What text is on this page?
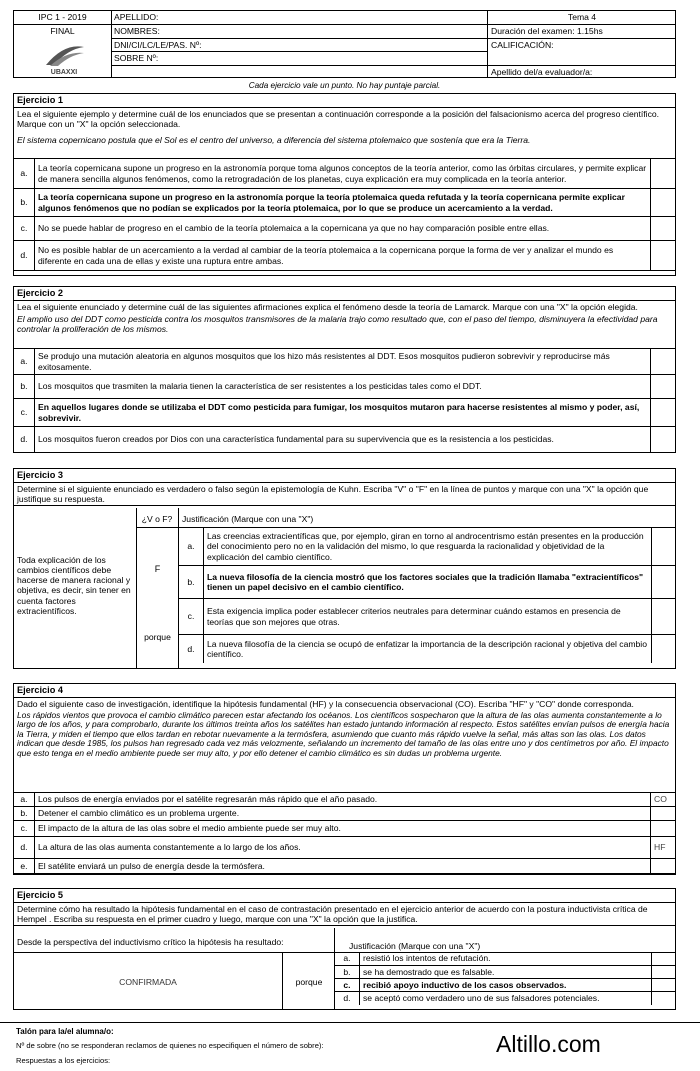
IPC 1 - 2019
FINAL
UBAXXI
APELLIDO:
NOMBRES:
DNI/CI/LC/LE/PAS. Nº:
SOBRE Nº:
Tema 4
Duración del examen: 1.15hs
CALIFICACIÓN:
Apellido del/a evaluador/a:
Cada ejercicio vale un punto. No hay puntaje parcial.
Ejercicio 1
Lea el siguiente ejemplo y determine cuál de los enunciados que se presentan a continuación corresponde a la posición del falsacionismo acerca del progreso científico. Marque con un "X" la opción seleccionada.
El sistema copernicano postula que el Sol es el centro del universo, a diferencia del sistema ptolemaico que sostenía que era la Tierra.
a.	La teoría copernicana supone un progreso en la astronomía porque toma algunos conceptos de la teoría anterior, como las órbitas circulares, y permite explicar de manera sencilla algunos fenómenos, como la retrogradación de los planetas, cuya explicación era muy complicada en la teoría anterior.	
b.	La teoría copernicana supone un progreso en la astronomía porque la teoría ptolemaica queda refutada y la teoría copernicana permite explicar algunos fenómenos que no podían se explicados por la teoría ptolemaica, por lo que se produce un acercamiento a la verdad.	
c.	No se puede hablar de progreso en el cambio de la teoría ptolemaica a la copernicana ya que no hay comparación posible entre ellas.	
d.	No es posible hablar de un acercamiento a la verdad al cambiar de la teoría ptolemaica a la copernicana porque la forma de ver y analizar el mundo es diferente en cada una de ellas y existe una ruptura entre ambas.	
Ejercicio 2
Lea el siguiente enunciado y determine cuál de las siguientes afirmaciones explica el fenómeno desde la teoría de Lamarck. Marque con una "X" la opción elegida.
El amplio uso del DDT como pesticida contra los mosquitos transmisores de la malaria trajo como resultado que, con el paso del tiempo, disminuyera la efectividad para controlar la proliferación de los mismos.
a.	Se produjo una mutación aleatoria en algunos mosquitos que los hizo más resistentes al DDT. Esos mosquitos pudieron sobrevivir y reproducirse más exitosamente.	
b.	Los mosquitos que trasmiten la malaria tienen la característica de ser resistentes a los pesticidas tales como el DDT.	
c.	En aquellos lugares donde se utilizaba el DDT como pesticida para fumigar, los mosquitos mutaron para hacerse resistentes al mismo y poder, así, sobrevivir.	
d.	Los mosquitos fueron creados por Dios con una característica fundamental para su supervivencia que es la resistencia a los pesticidas.	
Ejercicio 3
Determine si el siguiente enunciado es verdadero o falso según la epistemología de Kuhn. Escriba "V" o "F" en la línea de puntos y marque con una "X" la opción que justifique su respuesta.
Toda explicación de los cambios científicos debe hacerse de manera racional y objetiva, es decir, sin tener en cuenta factores extracientíficos.
¿V o F?	Justificación (Marque con una "X")
F
porque
a.	Las creencias extracientíficas que, por ejemplo, giran en torno al androcentrismo están presentes en la producción del conocimiento pero no en la validación del mismo, lo que resguarda la racionalidad y objetividad de la explicación del cambio científico.	
b.	La nueva filosofía de la ciencia mostró que los factores sociales que la tradición llamaba "extracientíficos" tienen un papel decisivo en el cambio científico.	
c.	Esta exigencia implica poder establecer criterios neutrales para determinar cuándo estamos en presencia de teorías que son mejores que otras.	
d.	La nueva filosofía de la ciencia se ocupó de enfatizar la importancia de la descripción racional y objetiva del cambio científico.	
Ejercicio 4
Dado el siguiente caso de investigación, identifique la hipótesis fundamental (HF) y la consecuencia observacional (CO). Escriba "HF" y "CO" donde corresponda.
Los rápidos vientos que provoca el cambio climático parecen estar afectando los océanos. Los científicos sospecharon que la altura de las olas aumenta constantemente a lo largo de los años, y para comprobarlo, durante los últimos treinta años los satélites han estado juntando información al respecto. Estos satélites envían pulsos de energía hacia la Tierra, y miden el tiempo que ellos tardan en rebotar nuevamente a la termósfera, asumiendo que cuanto más rápido vuelve la señal, más altas son las olas. Los datos indican que desde 1985, los pulsos han regresado cada vez más velozmente, señalando un incremento del tamaño de las olas entre uno y dos centímetros por año. El impacto que esto tenga en el medio ambiente puede ser muy alto, y por ello detener el cambio climático es sin dudas un problema urgente.
a.	Los pulsos de energía enviados por el satélite regresarán más rápido que el año pasado.	CO
b.	Detener el cambio climático es un problema urgente.	
c.	El impacto de la altura de las olas sobre el medio ambiente puede ser muy alto.	
d.	La altura de las olas aumenta constantemente a lo largo de los años.	HF
e.	El satélite enviará un pulso de energía desde la termósfera.	
Ejercicio 5
Determine cómo ha resultado la hipótesis fundamental en el caso de contrastación presentado en el ejercicio anterior de acuerdo con la postura inductivista crítica de Hempel . Escriba su respuesta en el primer cuadro y luego, marque con una "X" la opción que la justifica.
Desde la perspectiva del inductivismo crítico la hipótesis ha resultado:	Justificación (Marque con una "X")
CONFIRMADA	porque
a.	resistió los intentos de refutación.	
b.	se ha demostrado que es falsable.	
c.	recibió apoyo inductivo de los casos observados.	
d.	se aceptó como verdadero uno de sus falsadores potenciales.	
Talón para la/el alumna/o:
Nº de sobre (no se responderan reclamos de quienes no especifiquen el número de sobre):
Respuestas a los ejercicios:
Altillo.com
